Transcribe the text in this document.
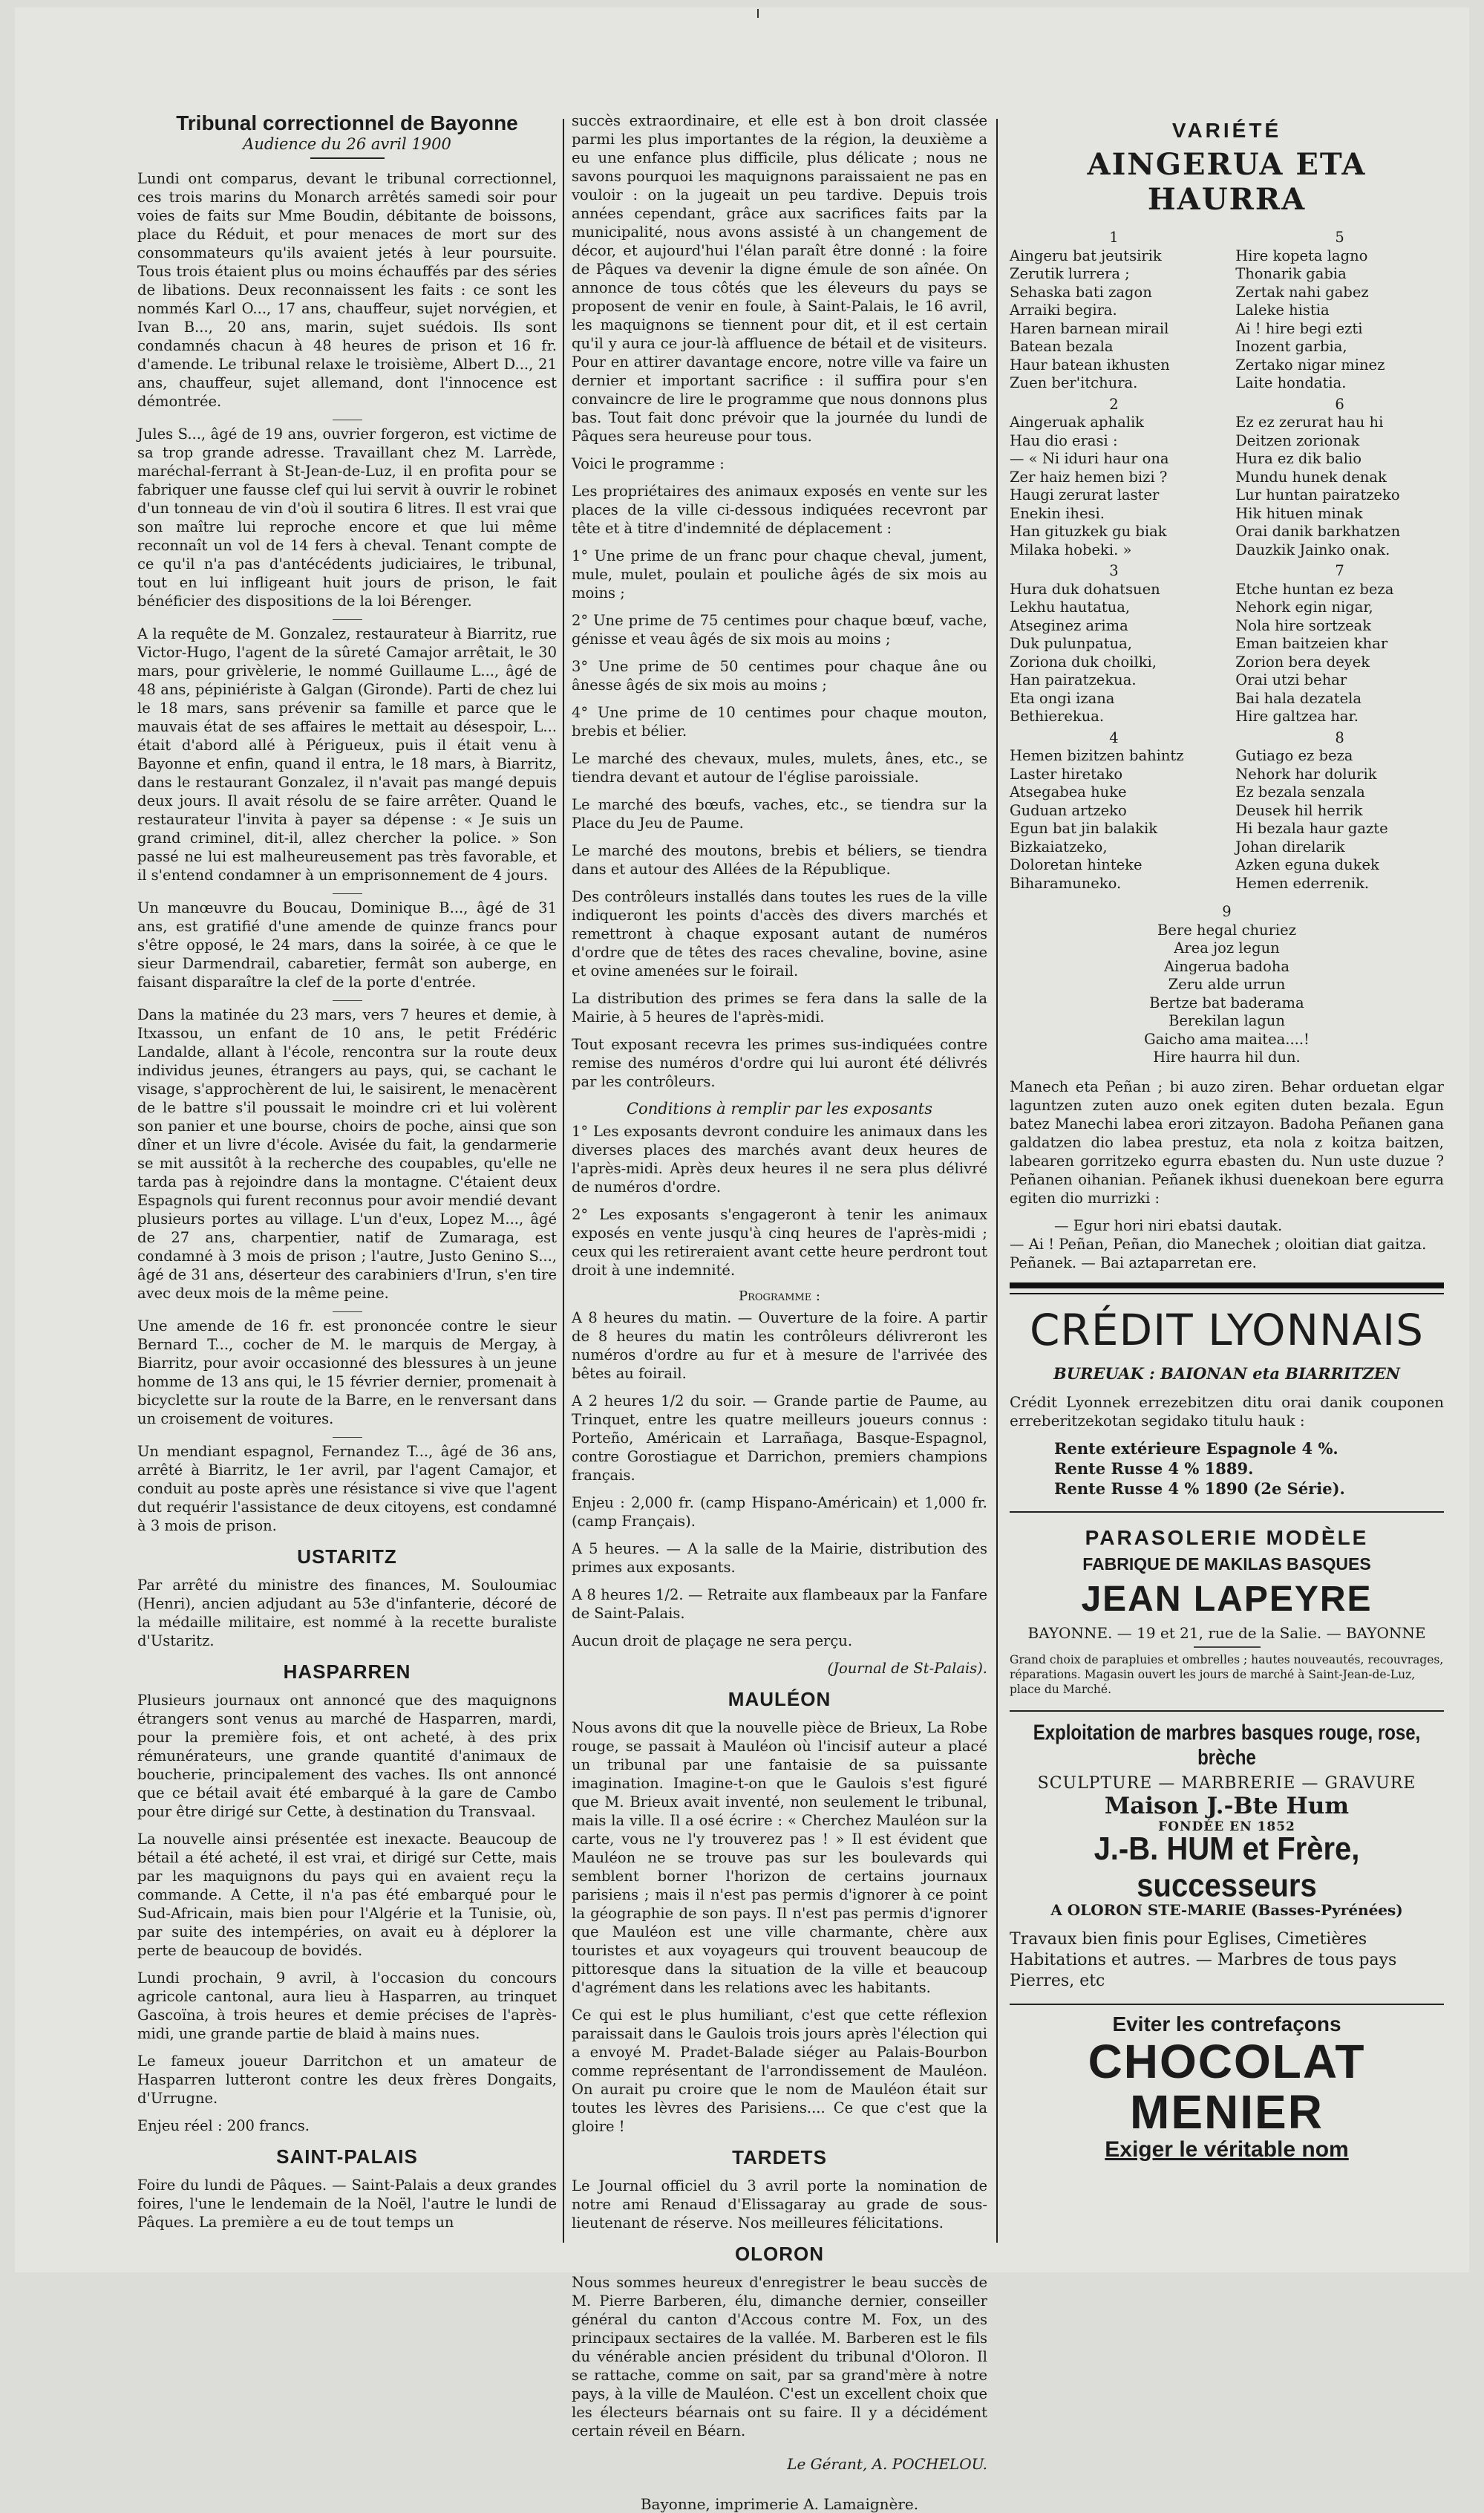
Tribunal correctionnel de Bayonne
Audience du 26 avril 1900

Lundi ont comparus, devant le tribunal correctionnel, ces trois marins du Monarch arrêtés samedi soir pour voies de faits sur Mme Boudin, débitante de boissons, place du Réduit, et pour menaces de mort sur des consommateurs qu'ils avaient jetés à leur poursuite. Tous trois étaient plus ou moins échauffés par des séries de libations. Deux reconnaissent les faits : ce sont les nommés Karl O..., 17 ans, chauffeur, sujet norvégien, et Ivan B..., 20 ans, marin, sujet suédois. Ils sont condamnés chacun à 48 heures de prison et 16 fr. d'amende. Le tribunal relaxe le troisième, Albert D..., 21 ans, chauffeur, sujet allemand, dont l'innocence est démontrée.

Jules S..., âgé de 19 ans, ouvrier forgeron, est victime de sa trop grande adresse. Travaillant chez M. Larrède, maréchal-ferrant à St-Jean-de-Luz, il en profita pour se fabriquer une fausse clef qui lui servit à ouvrir le robinet d'un tonneau de vin d'où il soutira 6 litres. Il est vrai que son maître lui reproche encore et que lui même reconnaît un vol de 14 fers à cheval. Tenant compte de ce qu'il n'a pas d'antécédents judiciaires, le tribunal, tout en lui infligeant huit jours de prison, le fait bénéficier des dispositions de la loi Bérenger.

A la requête de M. Gonzalez, restaurateur à Biarritz, rue Victor-Hugo, l'agent de la sûreté Camajor arrêtait, le 30 mars, pour grivèlerie, le nommé Guillaume L..., âgé de 48 ans, pépiniériste à Galgan (Gironde). Parti de chez lui le 18 mars, sans prévenir sa famille et parce que le mauvais état de ses affaires le mettait au désespoir, L... était d'abord allé à Périgueux, puis il était venu à Bayonne et enfin, quand il entra, le 18 mars, à Biarritz, dans le restaurant Gonzalez, il n'avait pas mangé depuis deux jours. Il avait résolu de se faire arrêter. Quand le restaurateur l'invita à payer sa dépense : « Je suis un grand criminel, dit-il, allez chercher la police. » Son passé ne lui est malheureusement pas très favorable, et il s'entend condamner à un emprisonnement de 4 jours.

Un manœuvre du Boucau, Dominique B..., âgé de 31 ans, est gratifié d'une amende de quinze francs pour s'être opposé, le 24 mars, dans la soirée, à ce que le sieur Darmendrail, cabaretier, fermât son auberge, en faisant disparaître la clef de la porte d'entrée.

Dans la matinée du 23 mars, vers 7 heures et demie, à Itxassou, un enfant de 10 ans, le petit Frédéric Landalde, allant à l'école, rencontra sur la route deux individus jeunes, étrangers au pays, qui, se cachant le visage, s'approchèrent de lui, le saisirent, le menacèrent de le battre s'il poussait le moindre cri et lui volèrent son panier et une bourse, choirs de poche, ainsi que son dîner et un livre d'école. Avisée du fait, la gendarmerie se mit aussitôt à la recherche des coupables, qu'elle ne tarda pas à rejoindre dans la montagne. C'étaient deux Espagnols qui furent reconnus pour avoir mendié devant plusieurs portes au village. L'un d'eux, Lopez M..., âgé de 27 ans, charpentier, natif de Zumaraga, est condamné à 3 mois de prison ; l'autre, Justo Genino S..., âgé de 31 ans, déserteur des carabiniers d'Irun, s'en tire avec deux mois de la même peine.

Une amende de 16 fr. est prononcée contre le sieur Bernard T..., cocher de M. le marquis de Mergay, à Biarritz, pour avoir occasionné des blessures à un jeune homme de 13 ans qui, le 15 février dernier, promenait à bicyclette sur la route de la Barre, en le renversant dans un croisement de voitures.

Un mendiant espagnol, Fernandez T..., âgé de 36 ans, arrêté à Biarritz, le 1er avril, par l'agent Camajor, et conduit au poste après une résistance si vive que l'agent dut requérir l'assistance de deux citoyens, est condamné à 3 mois de prison.

USTARITZ

Par arrêté du ministre des finances, M. Souloumiac (Henri), ancien adjudant au 53e d'infanterie, décoré de la médaille militaire, est nommé à la recette buraliste d'Ustaritz.

HASPARREN

Plusieurs journaux ont annoncé que des maquignons étrangers sont venus au marché de Hasparren, mardi, pour la première fois, et ont acheté, à des prix rémunérateurs, une grande quantité d'animaux de boucherie, principalement des vaches. Ils ont annoncé que ce bétail avait été embarqué à la gare de Cambo pour être dirigé sur Cette, à destination du Transvaal.

La nouvelle ainsi présentée est inexacte. Beaucoup de bétail a été acheté, il est vrai, et dirigé sur Cette, mais par les maquignons du pays qui en avaient reçu la commande. A Cette, il n'a pas été embarqué pour le Sud-Africain, mais bien pour l'Algérie et la Tunisie, où, par suite des intempéries, on avait eu à déplorer la perte de beaucoup de bovidés.

Lundi prochain, 9 avril, à l'occasion du concours agricole cantonal, aura lieu à Hasparren, au trinquet Gascoïna, à trois heures et demie précises de l'après-midi, une grande partie de blaid à mains nues.

Le fameux joueur Darritchon et un amateur de Hasparren lutteront contre les deux frères Dongaits, d'Urrugne.

Enjeu réel : 200 francs.

SAINT-PALAIS

Foire du lundi de Pâques. — Saint-Palais a deux grandes foires, l'une le lendemain de la Noël, l'autre le lundi de Pâques. La première a eu de tout temps un

succès extraordinaire, et elle est à bon droit classée parmi les plus importantes de la région, la deuxième a eu une enfance plus difficile, plus délicate ; nous ne savons pourquoi les maquignons paraissaient ne pas en vouloir : on la jugeait un peu tardive. Depuis trois années cependant, grâce aux sacrifices faits par la municipalité, nous avons assisté à un changement de décor, et aujourd'hui l'élan paraît être donné : la foire de Pâques va devenir la digne émule de son aînée. On annonce de tous côtés que les éleveurs du pays se proposent de venir en foule, à Saint-Palais, le 16 avril, les maquignons se tiennent pour dit, et il est certain qu'il y aura ce jour-là affluence de bétail et de visiteurs. Pour en attirer davantage encore, notre ville va faire un dernier et important sacrifice : il suffira pour s'en convaincre de lire le programme que nous donnons plus bas. Tout fait donc prévoir que la journée du lundi de Pâques sera heureuse pour tous.

Voici le programme :

Les propriétaires des animaux exposés en vente sur les places de la ville ci-dessous indiquées recevront par tête et à titre d'indemnité de déplacement :

1° Une prime de un franc pour chaque cheval, jument, mule, mulet, poulain et pouliche âgés de six mois au moins ;

2° Une prime de 75 centimes pour chaque bœuf, vache, génisse et veau âgés de six mois au moins ;

3° Une prime de 50 centimes pour chaque âne ou ânesse âgés de six mois au moins ;

4° Une prime de 10 centimes pour chaque mouton, brebis et bélier.

Le marché des chevaux, mules, mulets, ânes, etc., se tiendra devant et autour de l'église paroissiale.

Le marché des bœufs, vaches, etc., se tiendra sur la Place du Jeu de Paume.

Le marché des moutons, brebis et béliers, se tiendra dans et autour des Allées de la République.

Des contrôleurs installés dans toutes les rues de la ville indiqueront les points d'accès des divers marchés et remettront à chaque exposant autant de numéros d'ordre que de têtes des races chevaline, bovine, asine et ovine amenées sur le foirail.

La distribution des primes se fera dans la salle de la Mairie, à 5 heures de l'après-midi.

Tout exposant recevra les primes sus-indiquées contre remise des numéros d'ordre qui lui auront été délivrés par les contrôleurs.

Conditions à remplir par les exposants

1° Les exposants devront conduire les animaux dans les diverses places des marchés avant deux heures de l'après-midi. Après deux heures il ne sera plus délivré de numéros d'ordre.

2° Les exposants s'engageront à tenir les animaux exposés en vente jusqu'à cinq heures de l'après-midi ; ceux qui les retireraient avant cette heure perdront tout droit à une indemnité.

Programme :

A 8 heures du matin. — Ouverture de la foire. A partir de 8 heures du matin les contrôleurs délivreront les numéros d'ordre au fur et à mesure de l'arrivée des bêtes au foirail.

A 2 heures 1/2 du soir. — Grande partie de Paume, au Trinquet, entre les quatre meilleurs joueurs connus : Porteño, Américain et Larrañaga, Basque-Espagnol, contre Gorostiague et Darrichon, premiers champions français.

Enjeu : 2,000 fr. (camp Hispano-Américain) et 1,000 fr. (camp Français).

A 5 heures. — A la salle de la Mairie, distribution des primes aux exposants.

A 8 heures 1/2. — Retraite aux flambeaux par la Fanfare de Saint-Palais.

Aucun droit de plaçage ne sera perçu.

(Journal de St-Palais).

MAULÉON

Nous avons dit que la nouvelle pièce de Brieux, La Robe rouge, se passait à Mauléon où l'incisif auteur a placé un tribunal par une fantaisie de sa puissante imagination. Imagine-t-on que le Gaulois s'est figuré que M. Brieux avait inventé, non seulement le tribunal, mais la ville. Il a osé écrire : « Cherchez Mauléon sur la carte, vous ne l'y trouverez pas ! » Il est évident que Mauléon ne se trouve pas sur les boulevards qui semblent borner l'horizon de certains journaux parisiens ; mais il n'est pas permis d'ignorer à ce point la géographie de son pays. Il n'est pas permis d'ignorer que Mauléon est une ville charmante, chère aux touristes et aux voyageurs qui trouvent beaucoup de pittoresque dans la situation de la ville et beaucoup d'agrément dans les relations avec les habitants.

Ce qui est le plus humiliant, c'est que cette réflexion paraissait dans le Gaulois trois jours après l'élection qui a envoyé M. Pradet-Balade siéger au Palais-Bourbon comme représentant de l'arrondissement de Mauléon. On aurait pu croire que le nom de Mauléon était sur toutes les lèvres des Parisiens.... Ce que c'est que la gloire !

TARDETS

Le Journal officiel du 3 avril porte la nomination de notre ami Renaud d'Elissagaray au grade de sous-lieutenant de réserve. Nos meilleures félicitations.

OLORON

Nous sommes heureux d'enregistrer le beau succès de M. Pierre Barberen, élu, dimanche dernier, conseiller général du canton d'Accous contre M. Fox, un des principaux sectaires de la vallée. M. Barberen est le fils du vénérable ancien président du tribunal d'Oloron. Il se rattache, comme on sait, par sa grand'mère à notre pays, à la ville de Mauléon. C'est un excellent choix que les électeurs béarnais ont su faire. Il y a décidément certain réveil en Béarn.

Le Gérant, A. POCHELOU.
Bayonne, imprimerie A. Lamaignère.
VARIÉTÉ
AINGERUA ETA HAURRA
1
Aingeru bat jeutsirik
Zerutik lurrera ;
Sehaska bati zagon
Arraiki begira.
Haren barnean mirail
Batean bezala
Haur batean ikhusten
Zuen ber'itchura.
2
Aingeruak aphalik
Hau dio erasi :
— « Ni iduri haur ona
Zer haiz hemen bizi ?
Haugi zerurat laster
Enekin ihesi.
Han gituzkek gu biak
Milaka hobeki. »
3
Hura duk dohatsuen
Lekhu hautatua,
Atseginez arima
Duk pulunpatua,
Zoriona duk choilki,
Han pairatzekua.
Eta ongi izana
Bethierekua.
4
Hemen bizitzen bahintz
Laster hiretako
Atsegabea huke
Guduan artzeko
Egun bat jin balakik
Bizkaiatzeko,
Doloretan hinteke
Biharamuneko.
5
Hire kopeta lagno
Thonarik gabia
Zertak nahi gabez
Laleke histia
Ai ! hire begi ezti
Inozent garbia,
Zertako nigar minez
Laite hondatia.
6
Ez ez zerurat hau hi
Deitzen zorionak
Hura ez dik balio
Mundu hunek denak
Lur huntan pairatzeko
Hik hituen minak
Orai danik barkhatzen
Dauzkik Jainko onak.
7
Etche huntan ez beza
Nehork egin nigar,
Nola hire sortzeak
Eman baitzeien khar
Zorion bera deyek
Orai utzi behar
Bai hala dezatela
Hire galtzea har.
8
Gutiago ez beza
Nehork har dolurik
Ez bezala senzala
Deusek hil herrik
Hi bezala haur gazte
Johan direlarik
Azken eguna dukek
Hemen ederrenik.
9
Bere hegal churiez
Area joz legun
Aingerua badoha
Zeru alde urrun
Bertze bat baderama
Berekilan lagun
Gaicho ama maitea....!
Hire haurra hil dun.

Manech eta Peñan ; bi auzo ziren. Behar orduetan elgar laguntzen zuten auzo onek egiten duten bezala. Egun batez Manechi labea erori zitzayon. Badoha Peñanen gana galdatzen dio labea prestuz, eta nola z koitza baitzen, labearen gorritzeko egurra ebasten du. Nun uste duzue ? Peñanen oihanian. Peñanek ikhusi duenekoan bere egurra egiten dio murrizki :

— Egur hori niri ebatsi dautak.

— Ai ! Peñan, Peñan, dio Manechek ; oloitian diat gaitza.

Peñanek. — Bai aztaparretan ere.

CRÉDIT LYONNAIS
BUREUAK : BAIONAN eta BIARRITZEN

Crédit Lyonnek errezebitzen ditu orai danik couponen erreberitzekotan segidako titulu hauk :

Rente extérieure Espagnole 4 %.
Rente Russe 4 % 1889.
Rente Russe 4 % 1890 (2e Série).
PARASOLERIE MODÈLE
FABRIQUE DE MAKILAS BASQUES
JEAN LAPEYRE
BAYONNE. — 19 et 21, rue de la Salie. — BAYONNE
Grand choix de parapluies et ombrelles ; hautes nouveautés, recouvrages, réparations. Magasin ouvert les jours de marché à Saint-Jean-de-Luz, place du Marché.
Exploitation de marbres basques rouge, rose, brèche
SCULPTURE — MARBRERIE — GRAVURE
Maison J.-Bte Hum
FONDÉE EN 1852
J.-B. HUM et Frère, successeurs
A OLORON STE-MARIE (Basses-Pyrénées)
Travaux bien finis pour Eglises, Cimetières Habitations et autres. — Marbres de tous pays Pierres, etc
Eviter les contrefaçons
CHOCOLAT
MENIER
Exiger le véritable nom
